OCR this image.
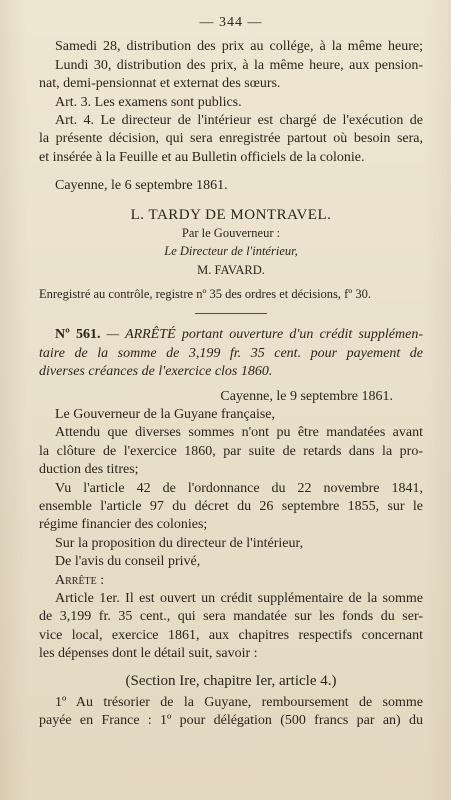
— 344 —
Samedi 28, distribution des prix au collége, à la même heure;
Lundi 30, distribution des prix, à la même heure, aux pension-
nat, demi-pensionnat et externat des sœurs.
Art. 3. Les examens sont publics.
Art. 4. Le directeur de l'intérieur est chargé de l'exécution de
la présente décision, qui sera enregistrée partout où besoin sera,
et insérée à la Feuille et au Bulletin officiels de la colonie.
Cayenne, le 6 septembre 1861.
L. TARDY DE MONTRAVEL.
Par le Gouverneur :
Le Directeur de l'intérieur,
M. FAVARD.
Enregistré au contrôle, registre nº 35 des ordres et décisions, fº 30.
Nº 561. — ARRÊTÉ portant ouverture d'un crédit supplémen-
taire de la somme de 3,199 fr. 35 cent. pour payement de
diverses créances de l'exercice clos 1860.
Cayenne, le 9 septembre 1861.
Le Gouverneur de la Guyane française,
Attendu que diverses sommes n'ont pu être mandatées avant
la clôture de l'exercice 1860, par suite de retards dans la pro-
duction des titres;
Vu l'article 42 de l'ordonnance du 22 novembre 1841,
ensemble l'article 97 du décret du 26 septembre 1855, sur le
régime financier des colonies;
Sur la proposition du directeur de l'intérieur,
De l'avis du conseil privé,
Arrête :
Article 1er. Il est ouvert un crédit supplémentaire de la somme
de 3,199 fr. 35 cent., qui sera mandatée sur les fonds du ser-
vice local, exercice 1861, aux chapitres respectifs concernant
les dépenses dont le détail suit, savoir :
(Section Ire, chapitre Ier, article 4.)
1º Au trésorier de la Guyane, remboursement de somme
payée en France : 1º pour délégation (500 francs par an) du
